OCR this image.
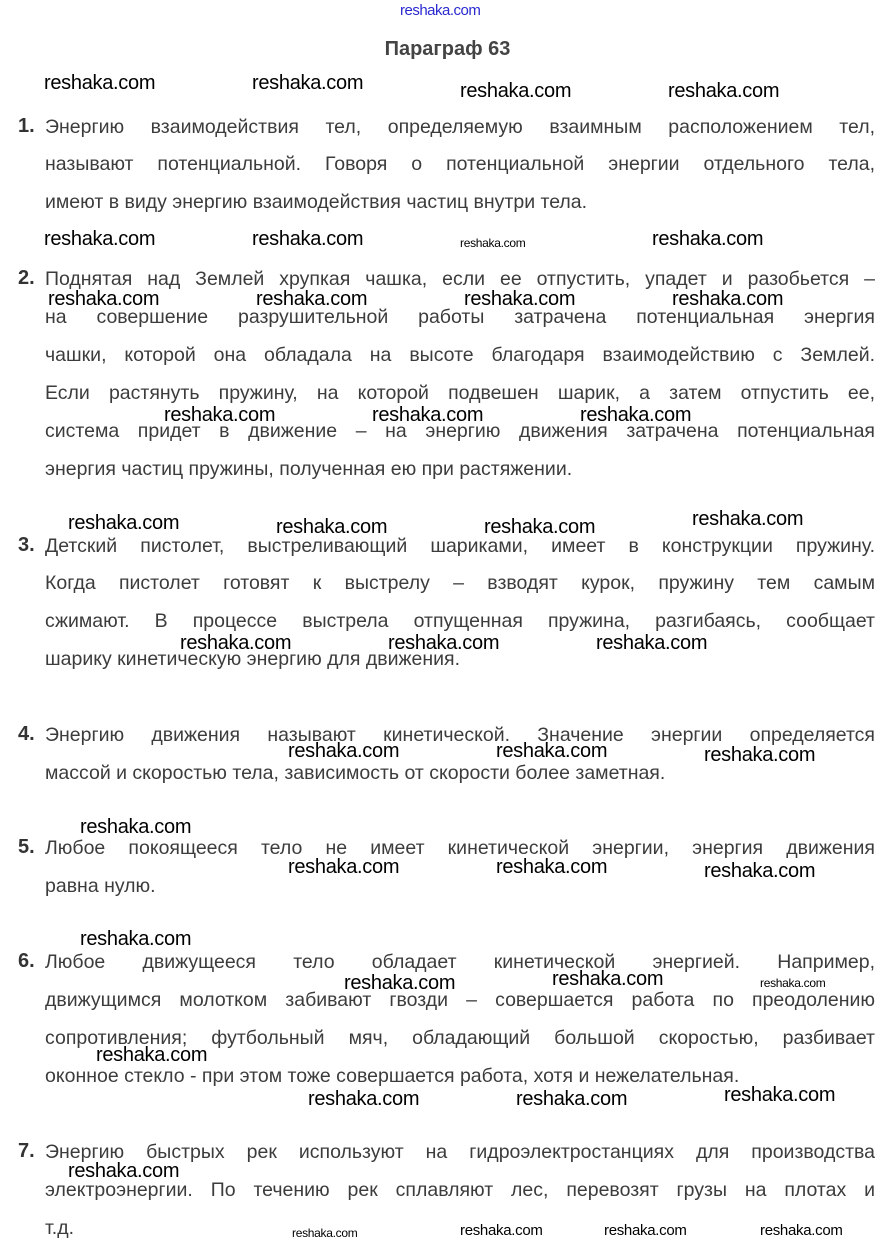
reshaka.com
Параграф 63
1. Энергию взаимодействия тел, определяемую взаимным расположением тел,
называют потенциальной. Говоря о потенциальной энергии отдельного тела,
имеют в виду энергию взаимодействия частиц внутри тела.
2. Поднятая над Землей хрупкая чашка, если ее отпустить, упадет и разобьется –
на совершение разрушительной работы затрачена потенциальная энергия
чашки, которой она обладала на высоте благодаря взаимодействию с Землей.
Если растянуть пружину, на которой подвешен шарик, а затем отпустить ее,
система придет в движение – на энергию движения затрачена потенциальная
энергия частиц пружины, полученная ею при растяжении.
3. Детский пистолет, выстреливающий шариками, имеет в конструкции пружину.
Когда пистолет готовят к выстрелу – взводят курок, пружину тем самым
сжимают. В процессе выстрела отпущенная пружина, разгибаясь, сообщает
шарику кинетическую энергию для движения.
4. Энергию движения называют кинетической. Значение энергии определяется
массой и скоростью тела, зависимость от скорости более заметная.
5. Любое покоящееся тело не имеет кинетической энергии, энергия движения
равна нулю.
6. Любое движущееся тело обладает кинетической энергией. Например,
движущимся молотком забивают гвозди – совершается работа по преодолению
сопротивления; футбольный мяч, обладающий большой скоростью, разбивает
оконное стекло - при этом тоже совершается работа, хотя и нежелательная.
7. Энергию быстрых рек используют на гидроэлектростанциях для производства
электроэнергии. По течению рек сплавляют лес, перевозят грузы на плотах и
т.д.
reshaka.com	reshaka.com	reshaka.com	reshaka.com
reshaka.com	reshaka.com	reshaka.com	reshaka.com
reshaka.com	reshaka.com	reshaka.com	reshaka.com
reshaka.com	reshaka.com	reshaka.com
reshaka.com	reshaka.com	reshaka.com	reshaka.com
reshaka.com	reshaka.com	reshaka.com
reshaka.com	reshaka.com	reshaka.com
reshaka.com
reshaka.com	reshaka.com	reshaka.com
reshaka.com
reshaka.com	reshaka.com	reshaka.com
reshaka.com
reshaka.com	reshaka.com	reshaka.com
reshaka.com
reshaka.com	reshaka.com	reshaka.com	reshaka.com
